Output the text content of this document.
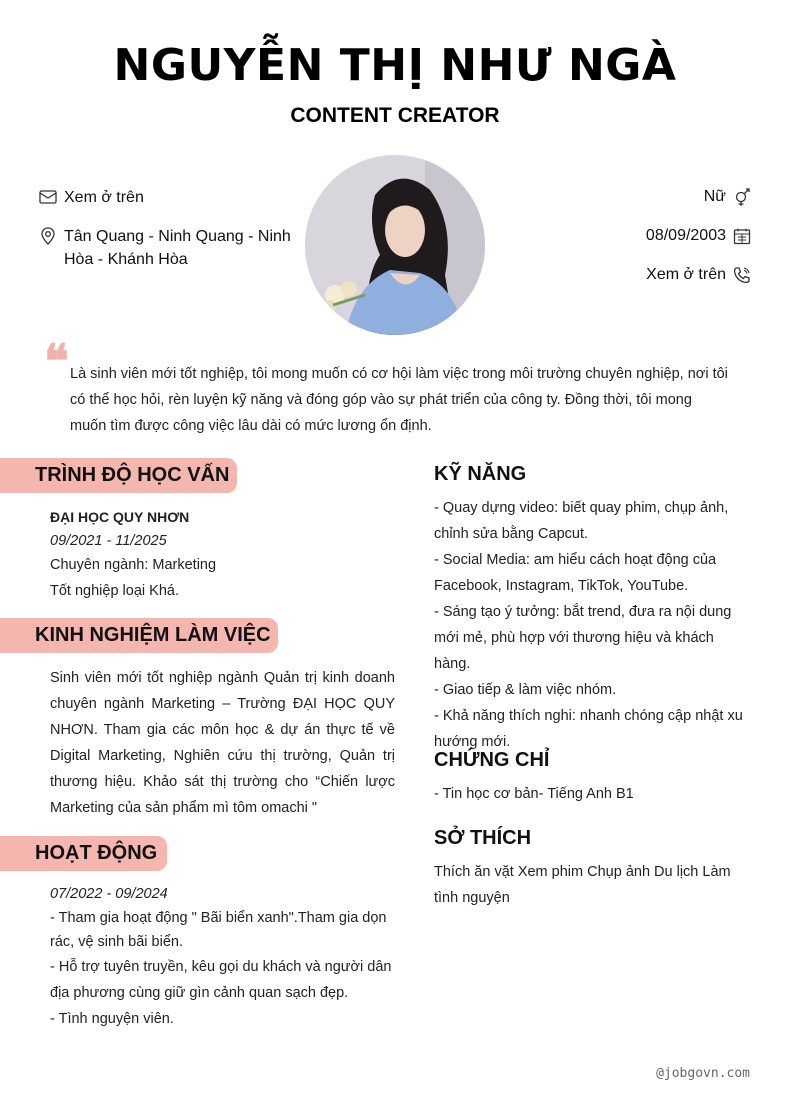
NGUYỄN THỊ NHƯ NGÀ
CONTENT CREATOR
Xem ở trên
Tân Quang - Ninh Quang - Ninh Hòa - Khánh Hòa
Nữ
08/09/2003
Xem ở trên
❝ Là sinh viên mới tốt nghiệp, tôi mong muốn có cơ hội làm việc trong môi trường chuyên nghiệp, nơi tôi có thể học hỏi, rèn luyện kỹ năng và đóng góp vào sự phát triển của công ty. Đồng thời, tôi mong muốn tìm được công việc lâu dài có mức lương ổn định.

TRÌNH ĐỘ HỌC VẤN
ĐẠI HỌC QUY NHƠN
09/2021 - 11/2025
Chuyên ngành: Marketing
Tốt nghiệp loại Khá.
KINH NGHIỆM LÀM VIỆC
Sinh viên mới tốt nghiệp ngành Quản trị kinh doanh chuyên ngành Marketing – Trường ĐẠI HỌC QUY NHƠN. Tham gia các môn học & dự án thực tế về Digital Marketing, Nghiên cứu thị trường, Quản trị thương hiệu. Khảo sát thị trường cho “Chiến lược Marketing của sản phẩm mì tôm omachi "
HOẠT ĐỘNG
07/2022 - 09/2024
- Tham gia hoạt động " Bãi biển xanh".Tham gia dọn rác, vệ sinh bãi biển.
- Hỗ trợ tuyên truyền, kêu gọi du khách và người dân địa phương cùng giữ gìn cảnh quan sạch đẹp.
- Tình nguyện viên.
KỸ NĂNG
- Quay dựng video: biết quay phim, chụp ảnh, chỉnh sửa bằng Capcut.
- Social Media: am hiểu cách hoạt động của Facebook, Instagram, TikTok, YouTube.
- Sáng tạo ý tưởng: bắt trend, đưa ra nội dung mới mẻ, phù hợp với thương hiệu và khách hàng.
- Giao tiếp & làm việc nhóm.
- Khả năng thích nghi: nhanh chóng cập nhật xu hướng mới.
CHỨNG CHỈ
- Tin học cơ bản- Tiếng Anh B1
SỞ THÍCH
Thích ăn vặt Xem phim Chụp ảnh Du lịch Làm tình nguyện
@jobgovn.com
